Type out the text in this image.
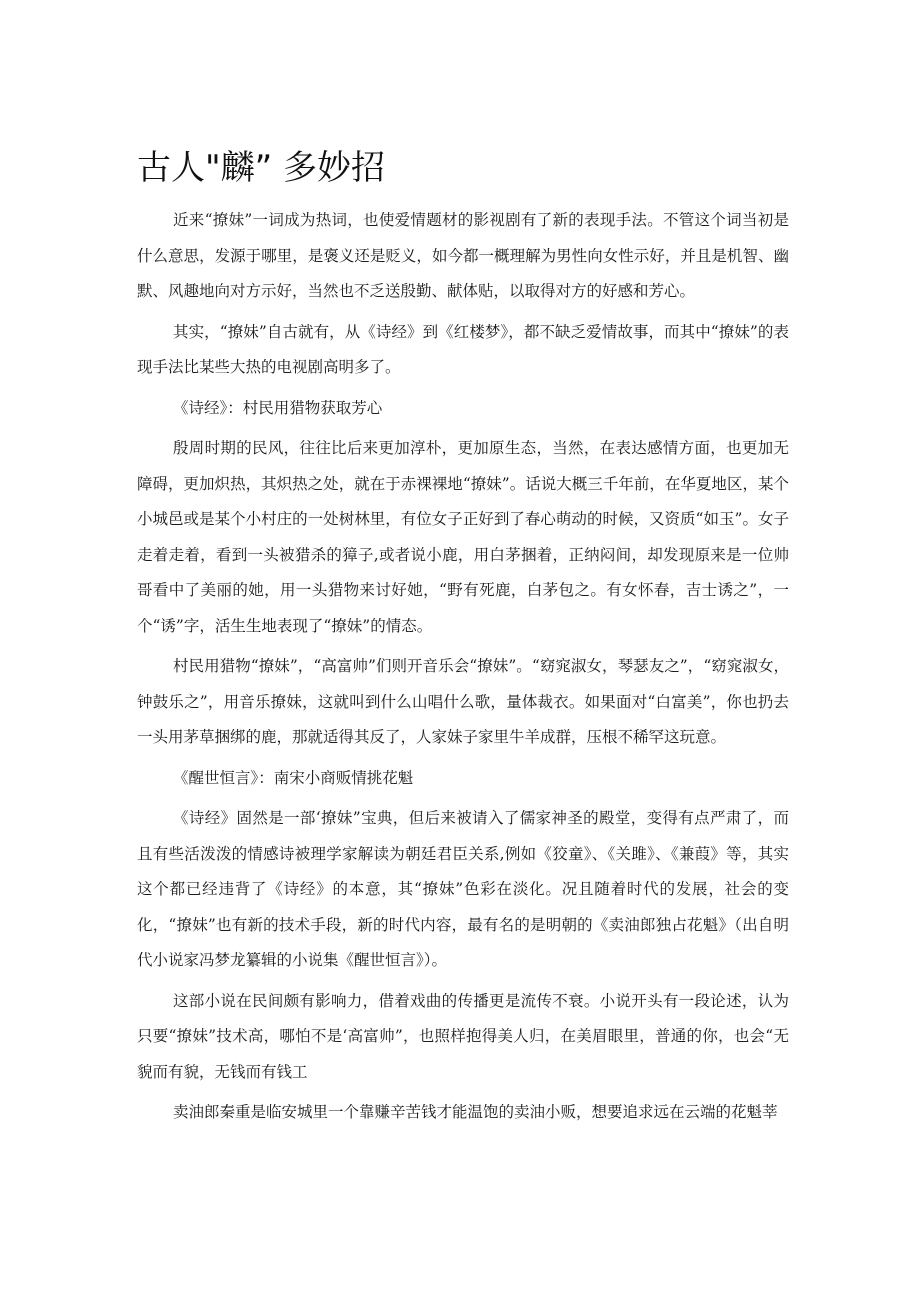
古人"麟” 多妙招

近来“撩妹”一词成为热词，也使爱情题材的影视剧有了新的表现手法。不管这个词当初是什么意思，发源于哪里，是褒义还是贬义，如今都一概理解为男性向女性示好，并且是机智、幽默、风趣地向对方示好，当然也不乏送殷勤、献体贴，以取得对方的好感和芳心。

其实，“撩妹”自古就有，从《诗经》到《红楼梦》，都不缺乏爱情故事，而其中“撩妹”的表现手法比某些大热的电视剧高明多了。

《诗经》：村民用猎物获取芳心

殷周时期的民风，往往比后来更加淳朴，更加原生态，当然，在表达感情方面，也更加无障碍，更加炽热，其炽热之处，就在于赤裸裸地“撩妹”。话说大概三千年前，在华夏地区，某个小城邑或是某个小村庄的一处树林里，有位女子正好到了春心萌动的时候，又资质“如玉”。女子走着走着，看到一头被猎杀的獐子,或者说小鹿，用白茅捆着，正纳闷间，却发现原来是一位帅哥看中了美丽的她，用一头猎物来讨好她，“野有死鹿，白茅包之。有女怀春，吉士诱之”，一个“诱”字，活生生地表现了“撩妹”的情态。

村民用猎物“撩妹”，“高富帅”们则开音乐会“撩妹”。“窈窕淑女，琴瑟友之”，“窈窕淑女，钟鼓乐之”，用音乐撩妹，这就叫到什么山唱什么歌，量体裁衣。如果面对“白富美”，你也扔去一头用茅草捆绑的鹿，那就适得其反了，人家妹子家里牛羊成群，压根不稀罕这玩意。

《醒世恒言》：南宋小商贩情挑花魁

《诗经》固然是一部‘撩妹”宝典，但后来被请入了儒家神圣的殿堂，变得有点严肃了，而且有些活泼泼的情感诗被理学家解读为朝廷君臣关系,例如《狡童》、《关雎》、《兼葭》等，其实这个都已经违背了《诗经》的本意，其“撩妹”色彩在淡化。况且随着时代的发展，社会的变化，“撩妹”也有新的技术手段，新的时代内容，最有名的是明朝的《卖油郎独占花魁》（出自明代小说家冯梦龙纂辑的小说集《醒世恒言》）。

这部小说在民间颇有影响力，借着戏曲的传播更是流传不衰。小说开头有一段论述，认为只要“撩妹”技术高，哪怕不是‘高富帅”，也照样抱得美人归，在美眉眼里，普通的你，也会“无貌而有貌，无钱而有钱工

卖油郎秦重是临安城里一个靠赚辛苦钱才能温饱的卖油小贩，想要追求远在云端的花魁莘
